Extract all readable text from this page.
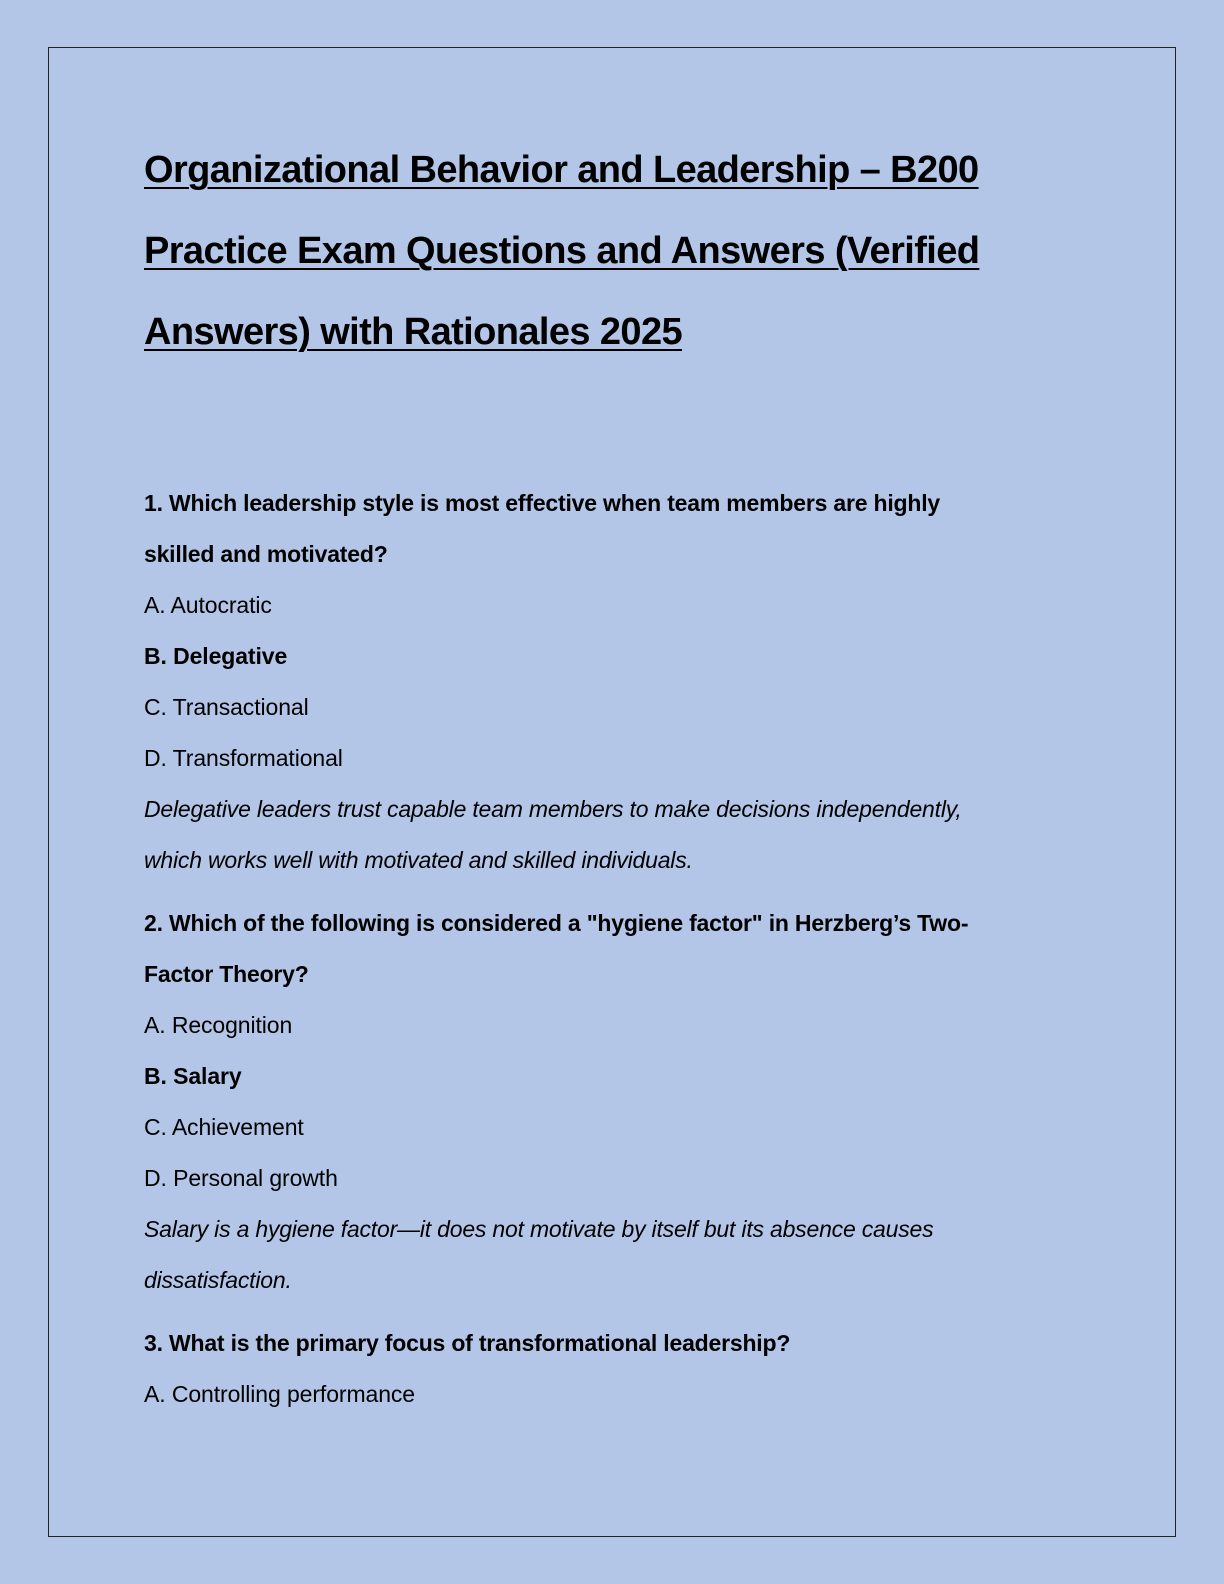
Organizational Behavior and Leadership – B200
Practice Exam Questions and Answers (Verified
Answers) with Rationales 2025
1. Which leadership style is most effective when team members are highly
skilled and motivated?
A. Autocratic
B. Delegative
C. Transactional
D. Transformational
Delegative leaders trust capable team members to make decisions independently,
which works well with motivated and skilled individuals.
2. Which of the following is considered a "hygiene factor" in Herzberg’s Two-
Factor Theory?
A. Recognition
B. Salary
C. Achievement
D. Personal growth
Salary is a hygiene factor—it does not motivate by itself but its absence causes
dissatisfaction.
3. What is the primary focus of transformational leadership?
A. Controlling performance
